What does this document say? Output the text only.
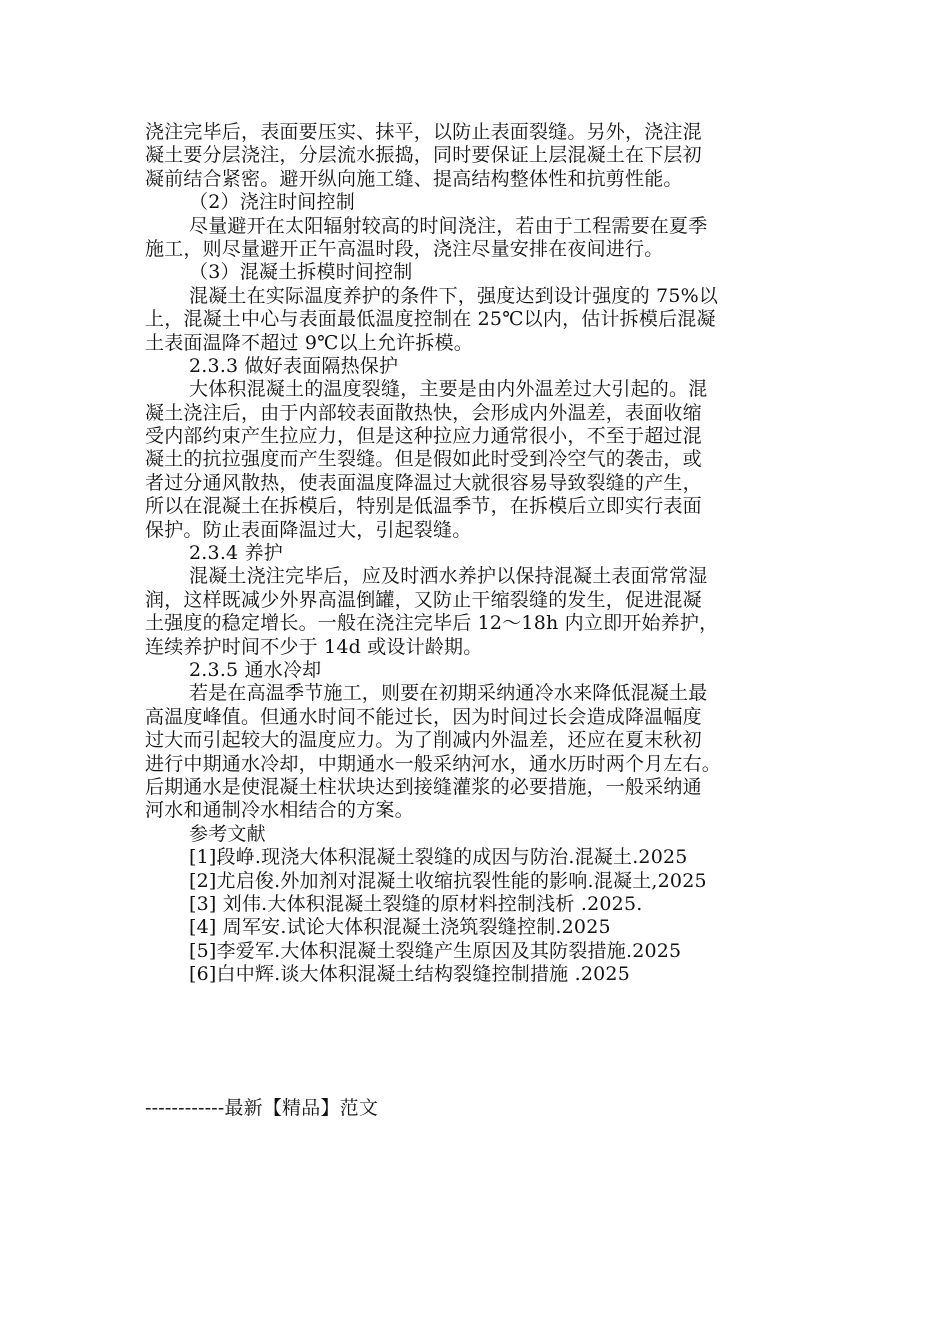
浇注完毕后，表面要压实、抹平，以防止表面裂缝。另外，浇注混
凝土要分层浇注，分层流水振捣，同时要保证上层混凝土在下层初
凝前结合紧密。避开纵向施工缝、提高结构整体性和抗剪性能。
（2）浇注时间控制
尽量避开在太阳辐射较高的时间浇注，若由于工程需要在夏季
施工，则尽量避开正午高温时段，浇注尽量安排在夜间进行。
（3）混凝土拆模时间控制
混凝土在实际温度养护的条件下，强度达到设计强度的 75%以
上，混凝土中心与表面最低温度控制在 25℃以内，估计拆模后混凝
土表面温降不超过 9℃以上允许拆模。
2.3.3 做好表面隔热保护
大体积混凝土的温度裂缝，主要是由内外温差过大引起的。混
凝土浇注后，由于内部较表面散热快，会形成内外温差，表面收缩
受内部约束产生拉应力，但是这种拉应力通常很小，不至于超过混
凝土的抗拉强度而产生裂缝。但是假如此时受到冷空气的袭击，或
者过分通风散热，使表面温度降温过大就很容易导致裂缝的产生，
所以在混凝土在拆模后，特别是低温季节，在拆模后立即实行表面
保护。防止表面降温过大，引起裂缝。
2.3.4 养护
混凝土浇注完毕后，应及时洒水养护以保持混凝土表面常常湿
润，这样既减少外界高温倒罐，又防止干缩裂缝的发生，促进混凝
土强度的稳定增长。一般在浇注完毕后 12～18h 内立即开始养护，
连续养护时间不少于 14d 或设计龄期。
2.3.5 通水冷却
若是在高温季节施工，则要在初期采纳通冷水来降低混凝土最
高温度峰值。但通水时间不能过长，因为时间过长会造成降温幅度
过大而引起较大的温度应力。为了削减内外温差，还应在夏末秋初
进行中期通水冷却，中期通水一般采纳河水，通水历时两个月左右。
后期通水是使混凝土柱状块达到接缝灌浆的必要措施，一般采纳通
河水和通制冷水相结合的方案。
参考文献
[1]段峥.现浇大体积混凝土裂缝的成因与防治.混凝土.2025
[2]尤启俊.外加剂对混凝土收缩抗裂性能的影响.混凝土,2025
[3] 刘伟.大体积混凝土裂缝的原材料控制浅析 .2025.
[4] 周军安.试论大体积混凝土浇筑裂缝控制.2025
[5]李爱军.大体积混凝土裂缝产生原因及其防裂措施.2025
[6]白中辉.谈大体积混凝土结构裂缝控制措施 .2025
------------最新【精品】范文
